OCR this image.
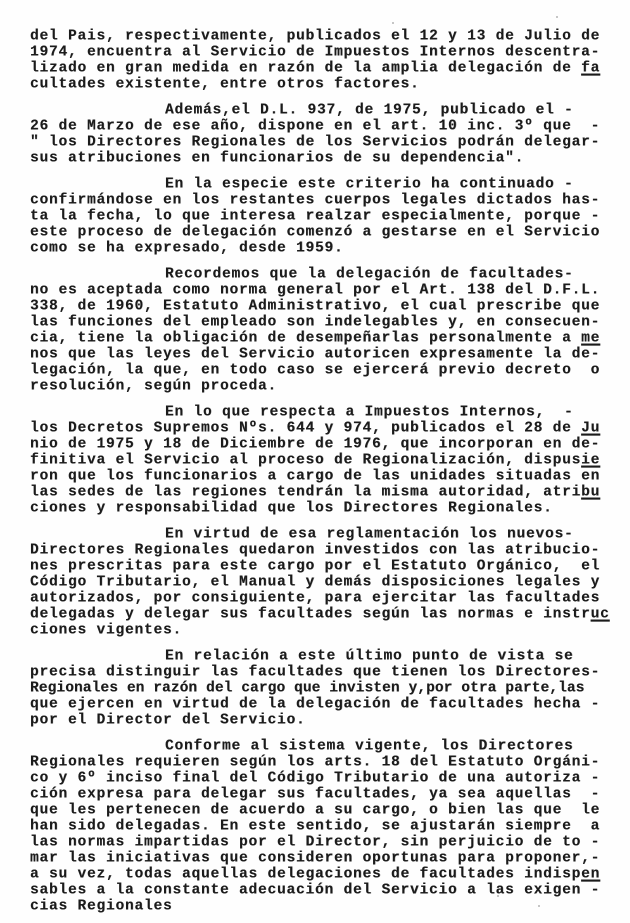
del Pais, respectivamente, publicados el 12 y 13 de Julio de
1974, encuentra al Servicio de Impuestos Internos descentra-
lizado en gran medida en razón de la amplia delegación de fa
cultades existente, entre otros factores.
Además,el D.L. 937, de 1975, publicado el -
26 de Marzo de ese año, dispone en el art. 10 inc. 3º que  -
" los Directores Regionales de los Servicios podrán delegar-
sus atribuciones en funcionarios de su dependencia".
En la especie este criterio ha continuado -
confirmándose en los restantes cuerpos legales dictados has-
ta la fecha, lo que interesa realzar especialmente, porque -
este proceso de delegación comenzó a gestarse en el Servicio
como se ha expresado, desde 1959.
Recordemos que la delegación de facultades-
no es aceptada como norma general por el Art. 138 del D.F.L.
338, de 1960, Estatuto Administrativo, el cual prescribe que
las funciones del empleado son indelegables y, en consecuen-
cia, tiene la obligación de desempeñarlas personalmente a me
nos que las leyes del Servicio autoricen expresamente la de-
legación, la que, en todo caso se ejercerá previo decreto  o
resolución, según proceda.
En lo que respecta a Impuestos Internos,  -
los Decretos Supremos Nºs. 644 y 974, publicados el 28 de Ju
nio de 1975 y 18 de Diciembre de 1976, que incorporan en de-
finitiva el Servicio al proceso de Regionalización, dispusie
ron que los funcionarios a cargo de las unidades situadas en
las sedes de las regiones tendrán la misma autoridad, atribu
ciones y responsabilidad que los Directores Regionales.
En virtud de esa reglamentación los nuevos-
Directores Regionales quedaron investidos con las atribucio-
nes prescritas para este cargo por el Estatuto Orgánico,  el
Código Tributario, el Manual y demás disposiciones legales y
autorizados, por consiguiente, para ejercitar las facultades
delegadas y delegar sus facultades según las normas e instruc
ciones vigentes.
En relación a este último punto de vista se
precisa distinguir las facultades que tienen los Directores-
Regionales en razón del cargo que invisten y,por otra parte,las
que ejercen en virtud de la delegación de facultades hecha -
por el Director del Servicio.
Conforme al sistema vigente, los Directores
Regionales requieren según los arts. 18 del Estatuto Orgáni-
co y 6º inciso final del Código Tributario de una autoriza -
ción expresa para delegar sus facultades, ya sea aquellas  -
que les pertenecen de acuerdo a su cargo, o bien las que  le
han sido delegadas. En este sentido, se ajustarán siempre  a
las normas impartidas por el Director, sin perjuicio de to -
mar las iniciativas que consideren oportunas para proponer,-
a su vez, todas aquellas delegaciones de facultades indispen
sables a la constante adecuación del Servicio a las exigen -
cias Regionales
